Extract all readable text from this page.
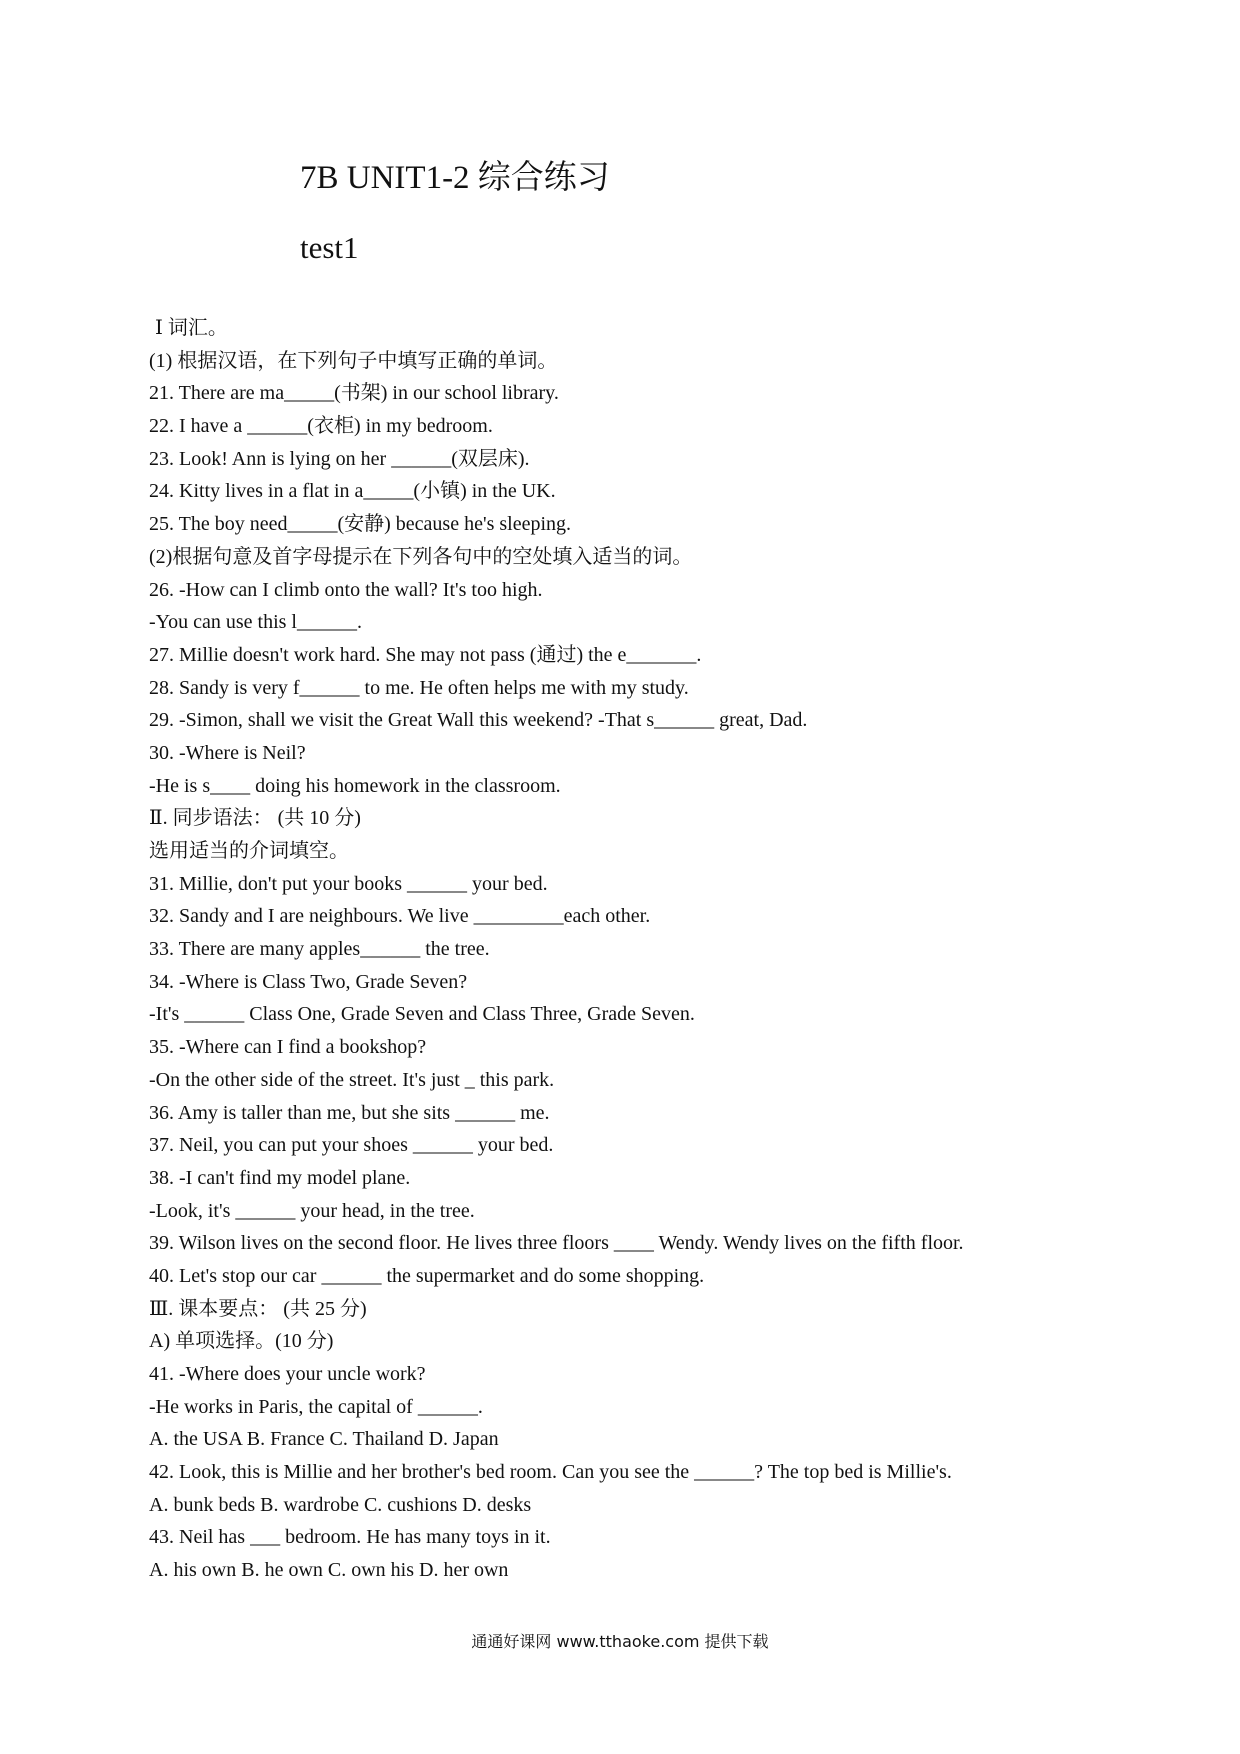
7B UNIT1-2 综合练习
test1
Ⅰ 词汇。
(1) 根据汉语，在下列句子中填写正确的单词。
21. There are ma_____(书架) in our school library.
22. I have a ______(衣柜) in my bedroom.
23. Look! Ann is lying on her ______(双层床).
24. Kitty lives in a flat in a_____(小镇) in the UK.
25. The boy need_____(安静) because he's sleeping.
(2)根据句意及首字母提示在下列各句中的空处填入适当的词。
26. -How can I climb onto the wall? It's too high.
-You can use this l______.
27. Millie doesn't work hard. She may not pass (通过) the e_______.
28. Sandy is very f______ to me. He often helps me with my study.
29. -Simon, shall we visit the Great Wall this weekend? -That s______ great, Dad.
30. -Where is Neil?
-He is s____ doing his homework in the classroom.
Ⅱ. 同步语法： (共 10 分)
选用适当的介词填空。
31. Millie, don't put your books ______ your bed.
32. Sandy and I are neighbours. We live _________each other.
33. There are many apples______ the tree.
34. -Where is Class Two, Grade Seven?
-It's ______ Class One, Grade Seven and Class Three, Grade Seven.
35. -Where can I find a bookshop?
-On the other side of the street. It's just _ this park.
36. Amy is taller than me, but she sits ______ me.
37. Neil, you can put your shoes ______ your bed.
38. -I can't find my model plane.
-Look, it's ______ your head, in the tree.
39. Wilson lives on the second floor. He lives three floors ____ Wendy. Wendy lives on the fifth floor.
40. Let's stop our car ______ the supermarket and do some shopping.
Ⅲ. 课本要点： (共 25 分)
A) 单项选择。(10 分)
41. -Where does your uncle work?
-He works in Paris, the capital of ______.
A. the USA B. France C. Thailand D. Japan
42. Look, this is Millie and her brother's bed room. Can you see the ______? The top bed is Millie's.
A. bunk beds B. wardrobe C. cushions D. desks
43. Neil has ___ bedroom. He has many toys in it.
A. his own B. he own C. own his D. her own
通通好课网 www.tthaoke.com 提供下载
